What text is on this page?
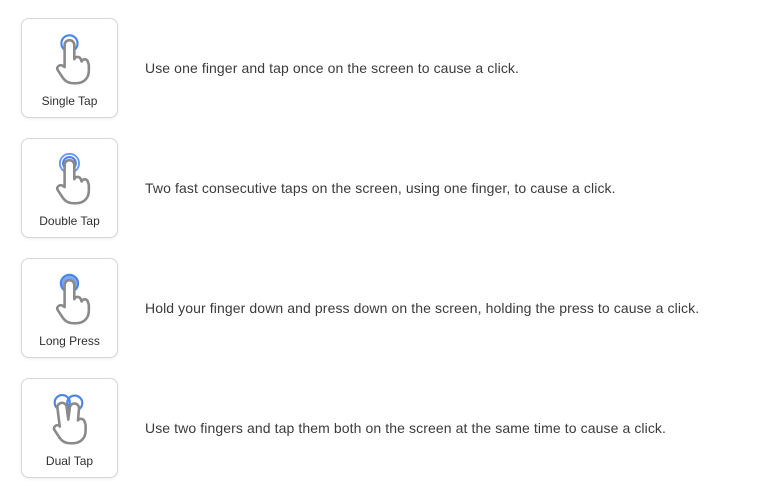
Single Tap
Use one finger and tap once on the screen to cause a click.
Double Tap
Two fast consecutive taps on the screen, using one finger, to cause a click.
Long Press
Hold your finger down and press down on the screen, holding the press to cause a click.
Dual Tap
Use two fingers and tap them both on the screen at the same time to cause a click.
